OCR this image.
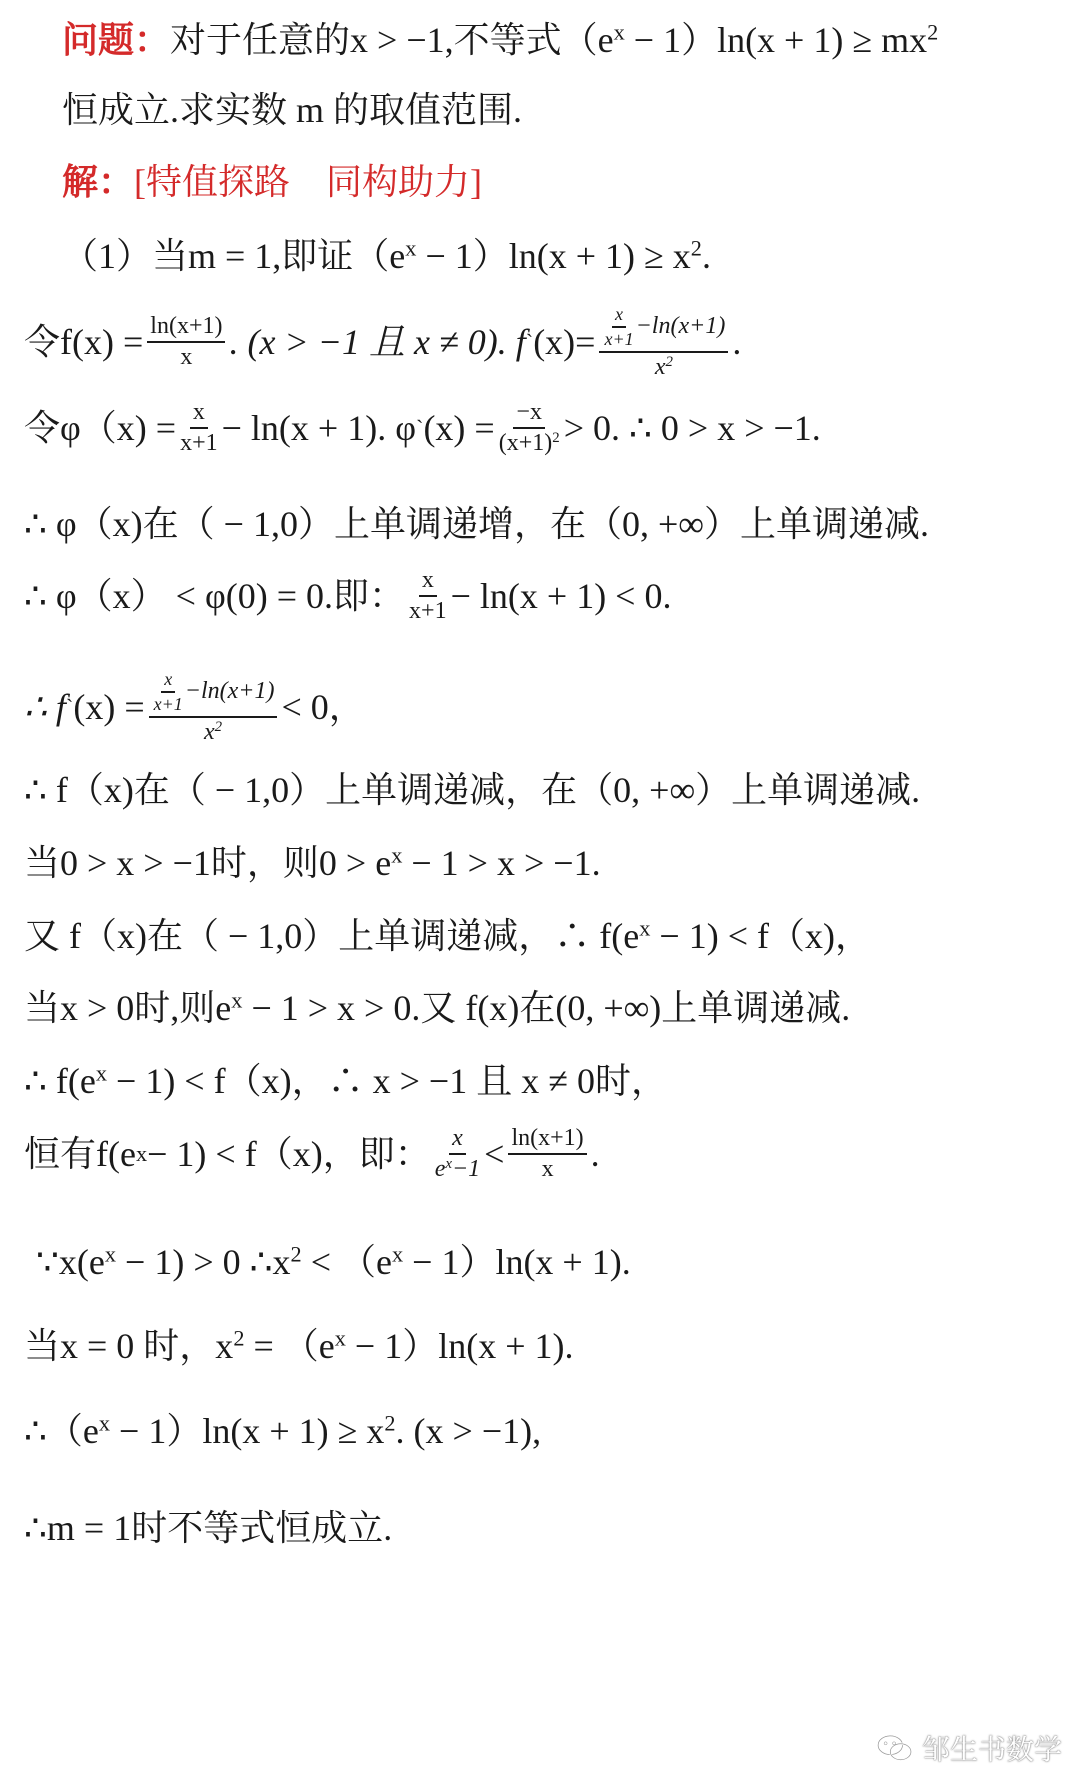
问题：对于任意的x > −1,不等式$(e^x - 1)\ln(x + 1) \ge mx^2$
恒成立.求实数 m 的取值范围.
解：[特值探路　同构助力]
（1）当m = 1,即证$(e^x - 1)\ln(x + 1) \ge x^2$.
令$f(x) = \frac{\ln(x+1)}{x}$ . (x > −1 且 x ≠ 0). f ` $(x)= \frac{\frac{x}{x+1} -\ln(x+1)}{x^2}$ .
令$\varphi(x) = \frac{x}{x+1} - \ln(x + 1)$. φ ` $(x) = \frac{-x}{(x+1)^2} > 0$. ∴ 0 > x > −1.
∴ φ（x)在（ − 1,0）上单调递增，在（0, +∞）上单调递减.
∴ φ（x） < φ(0) = 0.即： $\frac{x}{x+1} - \ln(x + 1) < 0$.
∴ f ` $(x) = \frac{\frac{x}{x+1} -\ln(x+1)}{x^2} < 0$，
∴ f（x)在（ − 1,0）上单调递减，在（0, +∞）上单调递减.
当0 > x > −1时，则$0 > e^x - 1 > x > -1$.
又 f（x)在（ − 1,0）上单调递减，∴ $f(e^x - 1) < f(x)$，
当x > 0时,则$e^x - 1 > x > 0$.又 f(x)在(0, +∞)上单调递减.
∴ $f(e^x - 1) < f(x)$，∴ x > −1 且 x ≠ 0时，
恒有f(e x − 1) < f（x)，即： $\frac{x}{e^x-1} < \frac{\ln(x+1)}{x}$ .
$\because x(e^x - 1) > 0$ $\therefore x^2 < (e^x - 1)\ln(x + 1)$.
当x = 0 时，$x^2 = (e^x - 1)\ln(x + 1)$.
$\therefore(e^x - 1)\ln(x + 1) \ge x^2$. (x > −1),
∴m = 1时不等式恒成立.
邹生书数学
